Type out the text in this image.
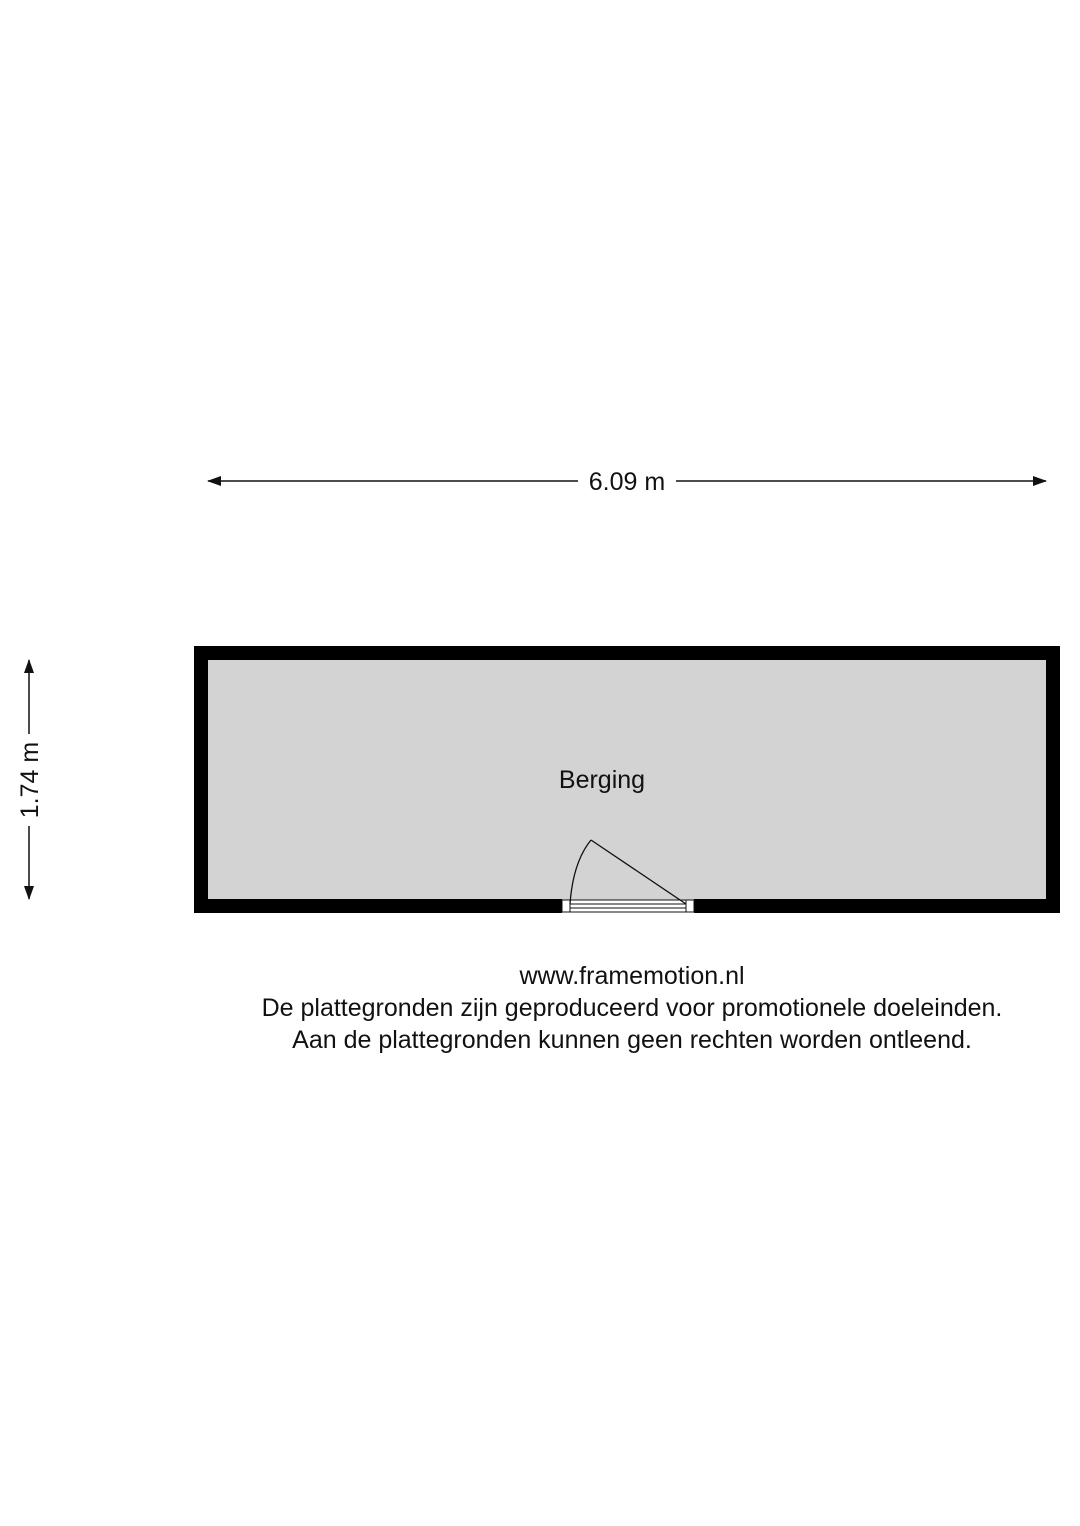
6.09 m
1.74 m	Berging
www.framemotion.nl
De plattegronden zijn geproduceerd voor promotionele doeleinden.
Aan de plattegronden kunnen geen rechten worden ontleend.
